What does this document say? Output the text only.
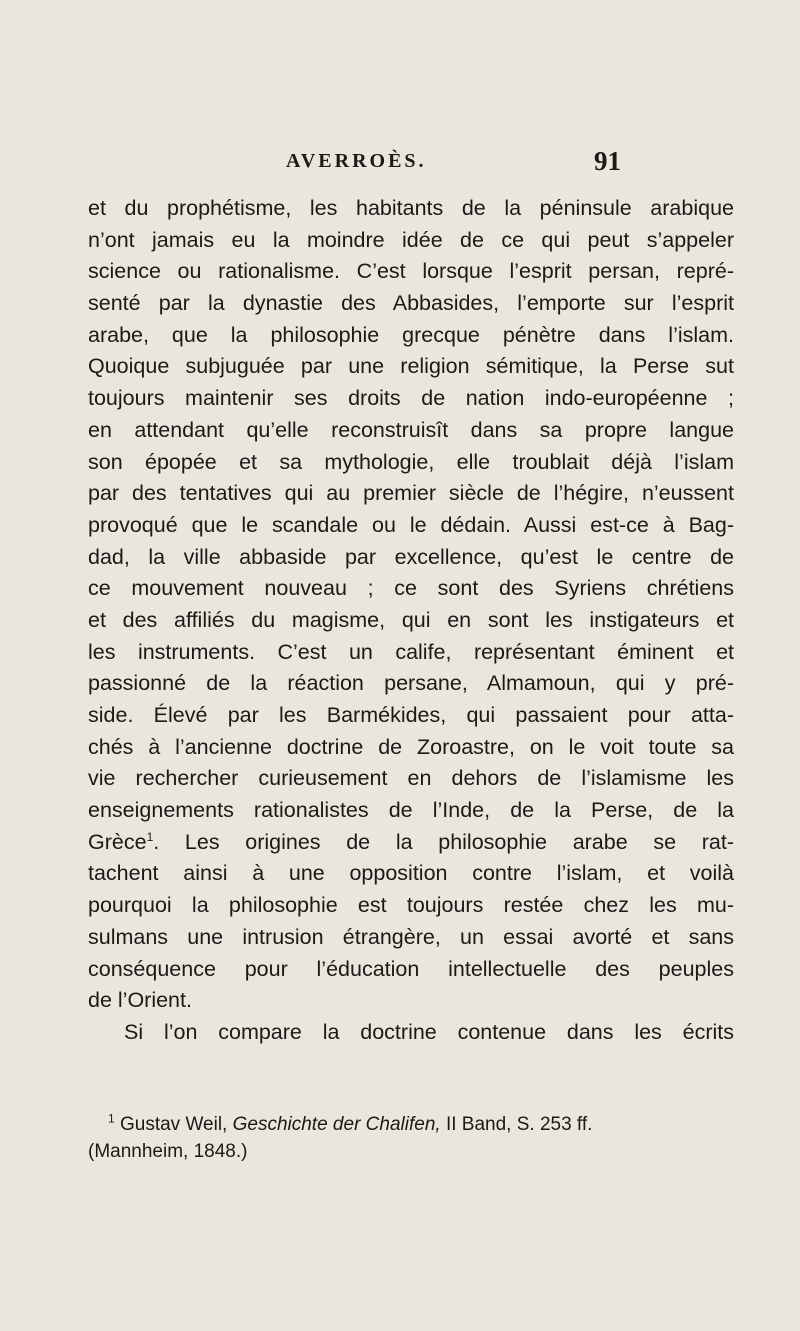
AVERROÈS.	91
et du prophétisme, les habitants de la péninsule arabique
n’ont jamais eu la moindre idée de ce qui peut s’appeler
science ou rationalisme. C’est lorsque l’esprit persan, repré-
senté par la dynastie des Abbasides, l’emporte sur l’esprit
arabe, que la philosophie grecque pénètre dans l’islam.
Quoique subjuguée par une religion sémitique, la Perse sut
toujours maintenir ses droits de nation indo-européenne ;
en attendant qu’elle reconstruisît dans sa propre langue
son épopée et sa mythologie, elle troublait déjà l’islam
par des tentatives qui au premier siècle de l’hégire, n’eussent
provoqué que le scandale ou le dédain. Aussi est-ce à Bag-
dad, la ville abbaside par excellence, qu’est le centre de
ce mouvement nouveau ; ce sont des Syriens chrétiens
et des affiliés du magisme, qui en sont les instigateurs et
les instruments. C’est un calife, représentant éminent et
passionné de la réaction persane, Almamoun, qui y pré-
side. Élevé par les Barmékides, qui passaient pour atta-
chés à l’ancienne doctrine de Zoroastre, on le voit toute sa
vie rechercher curieusement en dehors de l’islamisme les
enseignements rationalistes de l’Inde, de la Perse, de la
Grèce$^1$. Les origines de la philosophie arabe se rat-
tachent ainsi à une opposition contre l’islam, et voilà
pourquoi la philosophie est toujours restée chez les mu-
sulmans une intrusion étrangère, un essai avorté et sans
conséquence pour l’éducation intellectuelle des peuples
de l’Orient.
Si l’on compare la doctrine contenue dans les écrits
$^1$ Gustav Weil, Geschichte der Chalifen, II Band, S. 253 ff.
(Mannheim, 1848.)
